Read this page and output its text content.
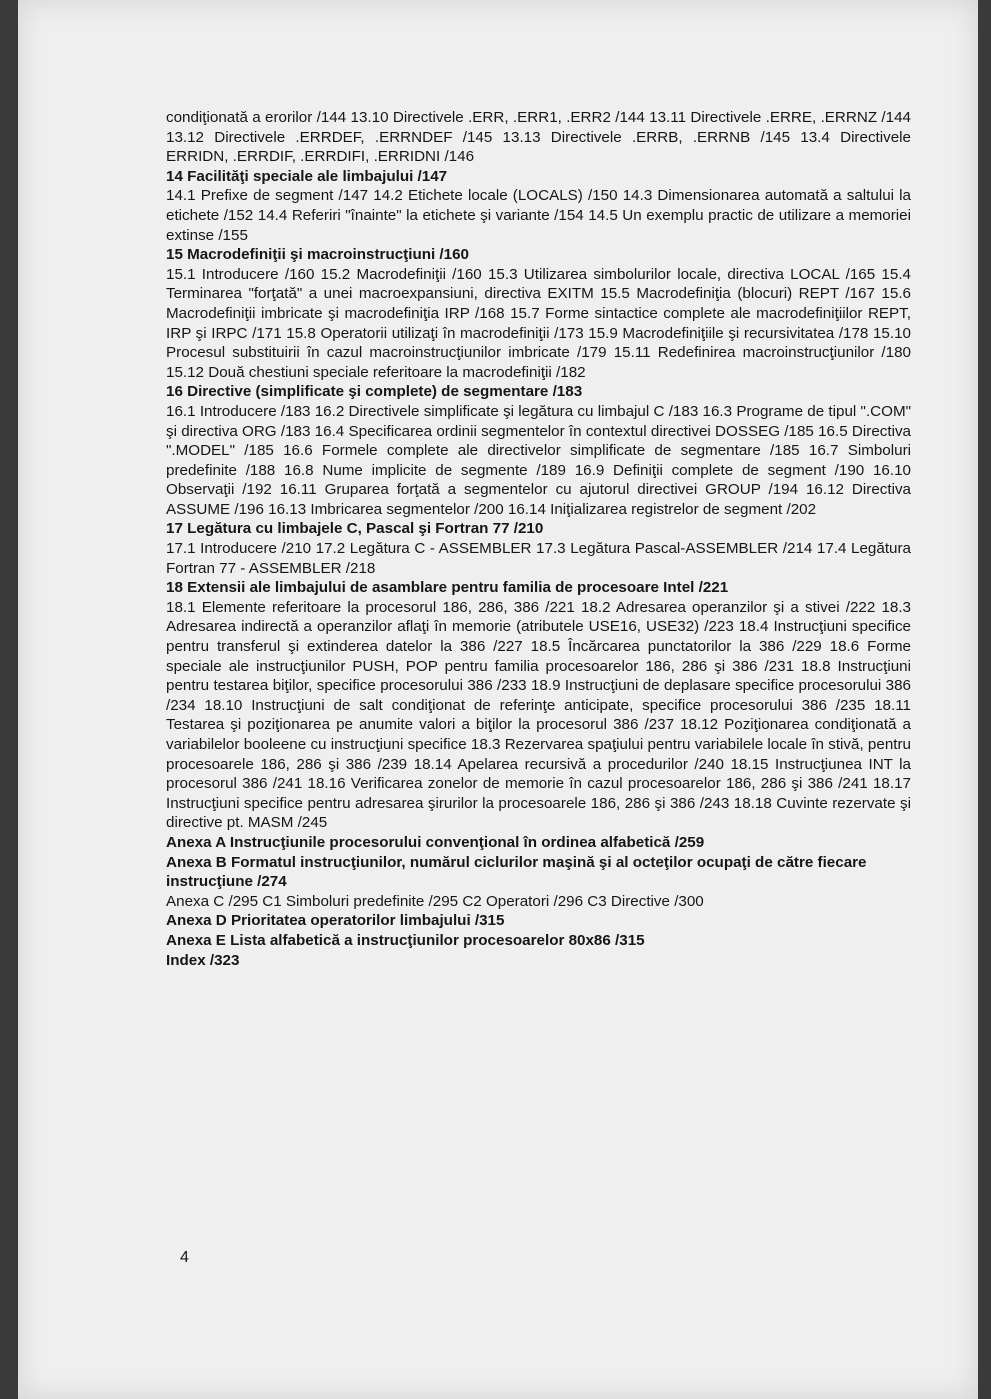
condiţionată a erorilor /144 13.10 Directivele .ERR, .ERR1, .ERR2 /144 13.11 Directivele .ERRE, .ERRNZ /144 13.12 Directivele .ERRDEF, .ERRNDEF /145 13.13 Directivele .ERRB, .ERRNB /145 13.4 Directivele ERRIDN, .ERRDIF, .ERRDIFI, .ERRIDNI /146

14 Facilităţi speciale ale limbajului /147

14.1 Prefixe de segment /147 14.2 Etichete locale (LOCALS) /150 14.3 Dimensionarea automată a saltului la etichete /152 14.4 Referiri "înainte" la etichete şi variante /154 14.5 Un exemplu practic de utilizare a memoriei extinse /155

15 Macrodefiniţii şi macroinstrucţiuni /160

15.1 Introducere /160 15.2 Macrodefiniţii /160 15.3 Utilizarea simbolurilor locale, directiva LOCAL /165 15.4 Terminarea "forţată" a unei macroexpansiuni, directiva EXITM 15.5 Macrodefiniţia (blocuri) REPT /167 15.6 Macrodefiniţii imbricate şi macrodefiniţia IRP /168 15.7 Forme sintactice complete ale macrodefiniţiilor REPT, IRP şi IRPC /171 15.8 Operatorii utilizaţi în macrodefiniţii /173 15.9 Macrodefiniţiile şi recursivitatea /178 15.10 Procesul substituirii în cazul macroinstrucţiunilor imbricate /179 15.11 Redefinirea macroinstrucţiunilor /180 15.12 Două chestiuni speciale referitoare la macrodefiniţii /182

16 Directive (simplificate şi complete) de segmentare /183

16.1 Introducere /183 16.2 Directivele simplificate şi legătura cu limbajul C /183 16.3 Programe de tipul ".COM" şi directiva ORG /183 16.4 Specificarea ordinii segmentelor în contextul directivei DOSSEG /185 16.5 Directiva ".MODEL" /185 16.6 Formele complete ale directivelor simplificate de segmentare /185 16.7 Simboluri predefinite /188 16.8 Nume implicite de segmente /189 16.9 Definiţii complete de segment /190 16.10 Observaţii /192 16.11 Gruparea forţată a segmentelor cu ajutorul directivei GROUP /194 16.12 Directiva ASSUME /196 16.13 Imbricarea segmentelor /200 16.14 Iniţializarea registrelor de segment /202

17 Legătura cu limbajele C, Pascal şi Fortran 77 /210

17.1 Introducere /210 17.2 Legătura C - ASSEMBLER 17.3 Legătura Pascal-ASSEMBLER /214 17.4 Legătura Fortran 77 - ASSEMBLER /218

18 Extensii ale limbajului de asamblare pentru familia de procesoare Intel /221

18.1 Elemente referitoare la procesorul 186, 286, 386 /221 18.2 Adresarea operanzilor şi a stivei /222 18.3 Adresarea indirectă a operanzilor aflaţi în memorie (atributele USE16, USE32) /223 18.4 Instrucţiuni specifice pentru transferul şi extinderea datelor la 386 /227 18.5 Încărcarea punctatorilor la 386 /229 18.6 Forme speciale ale instrucţiunilor PUSH, POP pentru familia procesoarelor 186, 286 şi 386 /231 18.8 Instrucţiuni pentru testarea biţilor, specifice procesorului 386 /233 18.9 Instrucţiuni de deplasare specifice procesorului 386 /234 18.10 Instrucţiuni de salt condiţionat de referinţe anticipate, specifice procesorului 386 /235 18.11 Testarea şi poziţionarea pe anumite valori a biţilor la procesorul 386 /237 18.12 Poziţionarea condiţionată a variabilelor booleene cu instrucţiuni specifice 18.3 Rezervarea spaţiului pentru variabilele locale în stivă, pentru procesoarele 186, 286 şi 386 /239 18.14 Apelarea recursivă a procedurilor /240 18.15 Instrucţiunea INT la procesorul 386 /241 18.16 Verificarea zonelor de memorie în cazul procesoarelor 186, 286 şi 386 /241 18.17 Instrucţiuni specifice pentru adresarea şirurilor la procesoarele 186, 286 şi 386 /243 18.18 Cuvinte rezervate şi directive pt. MASM /245

Anexa A Instrucţiunile procesorului convenţional în ordinea alfabetică /259

Anexa B Formatul instrucţiunilor, numărul ciclurilor maşină şi al octeţilor ocupaţi de către fiecare instrucţiune /274

Anexa C /295 C1 Simboluri predefinite /295 C2 Operatori /296 C3 Directive /300

Anexa D Prioritatea operatorilor limbajului /315

Anexa E Lista alfabetică a instrucţiunilor procesoarelor 80x86 /315

Index /323

4
